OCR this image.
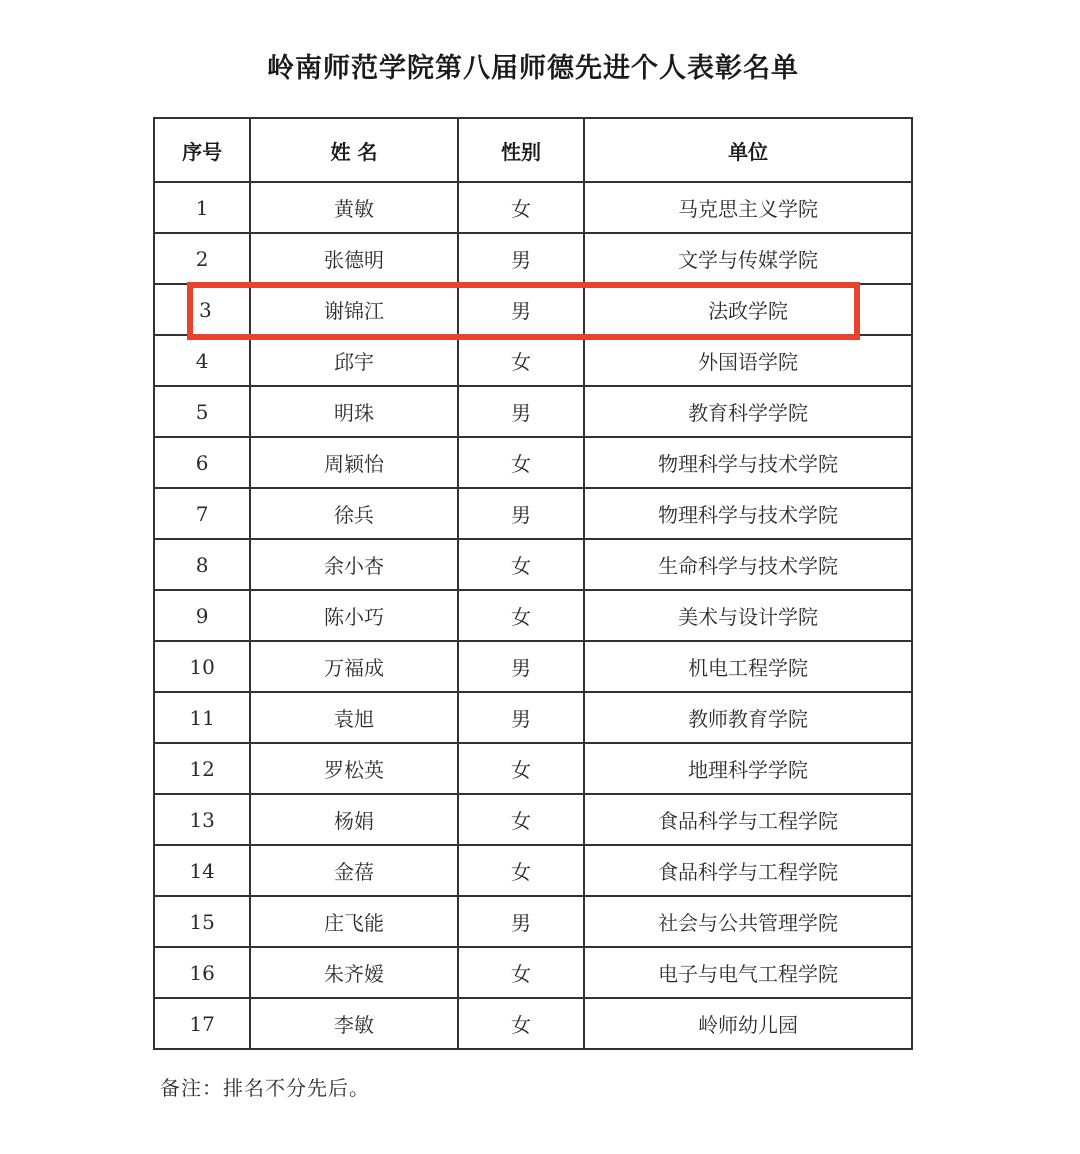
岭南师范学院第八届师德先进个人表彰名单
序号	姓 名	性别	单位
1	黄敏	女	马克思主义学院
2	张德明	男	文学与传媒学院
3	谢锦江	男	法政学院
4	邱宇	女	外国语学院
5	明珠	男	教育科学学院
6	周颖怡	女	物理科学与技术学院
7	徐兵	男	物理科学与技术学院
8	余小杏	女	生命科学与技术学院
9	陈小巧	女	美术与设计学院
10	万福成	男	机电工程学院
11	袁旭	男	教师教育学院
12	罗松英	女	地理科学学院
13	杨娟	女	食品科学与工程学院
14	金蓓	女	食品科学与工程学院
15	庄飞能	男	社会与公共管理学院
16	朱齐嫒	女	电子与电气工程学院
17	李敏	女	岭师幼儿园
备注：排名不分先后。
